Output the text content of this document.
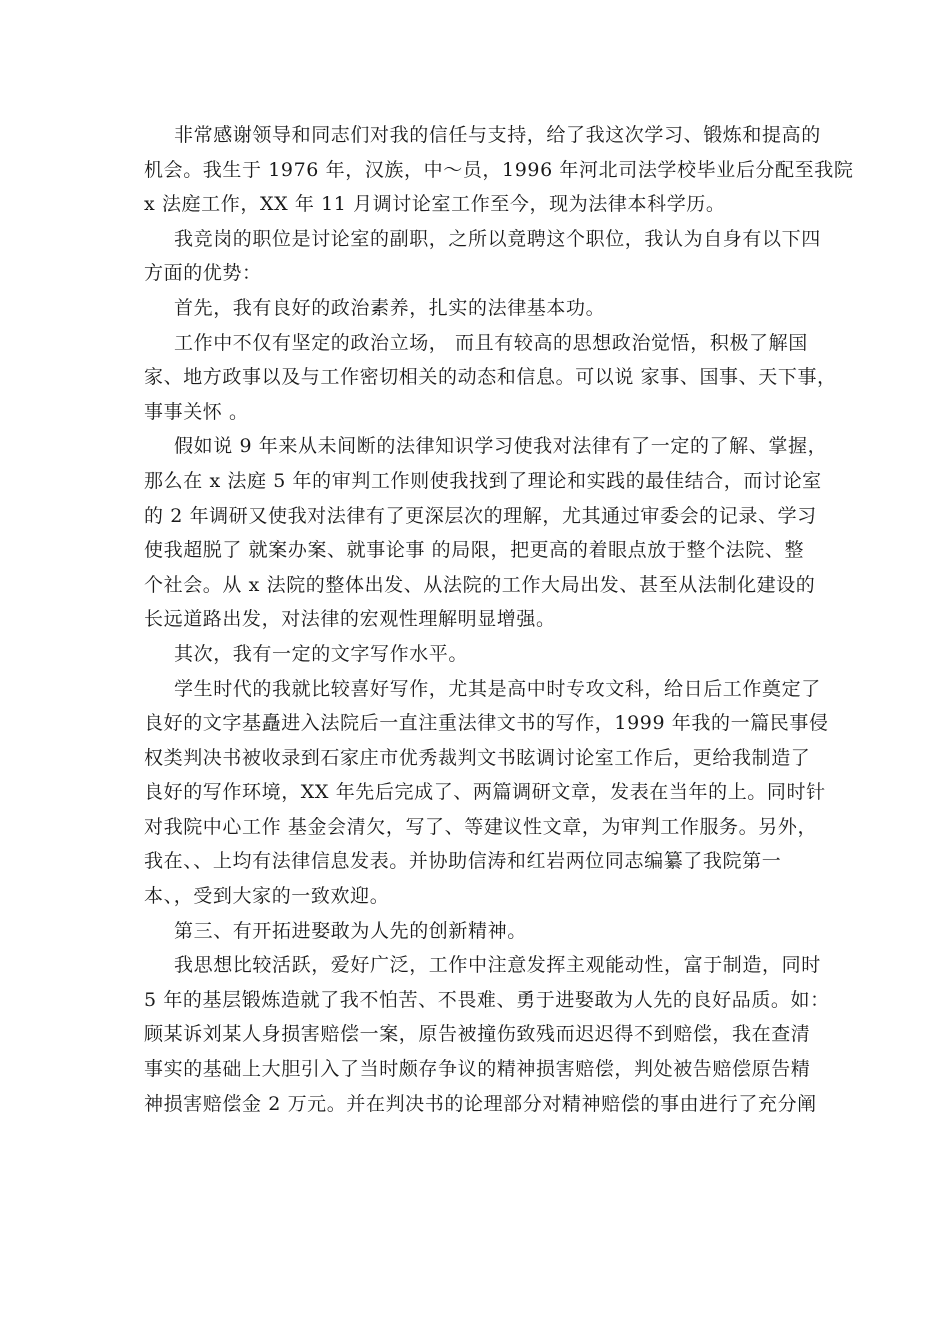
非常感谢领导和同志们对我的信任与支持，给了我这次学习、锻炼和提高的
机会。我生于 1976 年，汉族，中～员，1996 年河北司法学校毕业后分配至我院
x 法庭工作，XX 年 11 月调讨论室工作至今，现为法律本科学历。
我竞岗的职位是讨论室的副职，之所以竟聘这个职位，我认为自身有以下四
方面的优势：
首先，我有良好的政治素养，扎实的法律基本功。
工作中不仅有坚定的政治立场， 而且有较高的思想政治觉悟，积极了解国
家、地方政事以及与工作密切相关的动态和信息。可以说 家事、国事、天下事，
事事关怀 。
假如说 9 年来从未间断的法律知识学习使我对法律有了一定的了解、掌握，
那么在 x 法庭 5 年的审判工作则使我找到了理论和实践的最佳结合，而讨论室
的 2 年调研又使我对法律有了更深层次的理解，尤其通过审委会的记录、学习
使我超脱了 就案办案、就事论事 的局限，把更高的着眼点放于整个法院、整
个社会。从 x 法院的整体出发、从法院的工作大局出发、甚至从法制化建设的
长远道路出发，对法律的宏观性理解明显增强。
其次，我有一定的文字写作水平。
学生时代的我就比较喜好写作，尤其是高中时专攻文科，给日后工作奠定了
良好的文字基矗进入法院后一直注重法律文书的写作，1999 年我的一篇民事侵
权类判决书被收录到石家庄市优秀裁判文书眩调讨论室工作后，更给我制造了
良好的写作环境，XX 年先后完成了、两篇调研文章，发表在当年的上。同时针
对我院中心工作 基金会清欠，写了、等建议性文章，为审判工作服务。另外，
我在、、上均有法律信息发表。并协助信涛和红岩两位同志编纂了我院第一
本、，受到大家的一致欢迎。
第三、有开拓进娶敢为人先的创新精神。
我思想比较活跃，爱好广泛，工作中注意发挥主观能动性，富于制造，同时
5 年的基层锻炼造就了我不怕苦、不畏难、勇于进娶敢为人先的良好品质。如：
顾某诉刘某人身损害赔偿一案，原告被撞伤致残而迟迟得不到赔偿，我在查清
事实的基础上大胆引入了当时颇存争议的精神损害赔偿，判处被告赔偿原告精
神损害赔偿金 2 万元。并在判决书的论理部分对精神赔偿的事由进行了充分阐
